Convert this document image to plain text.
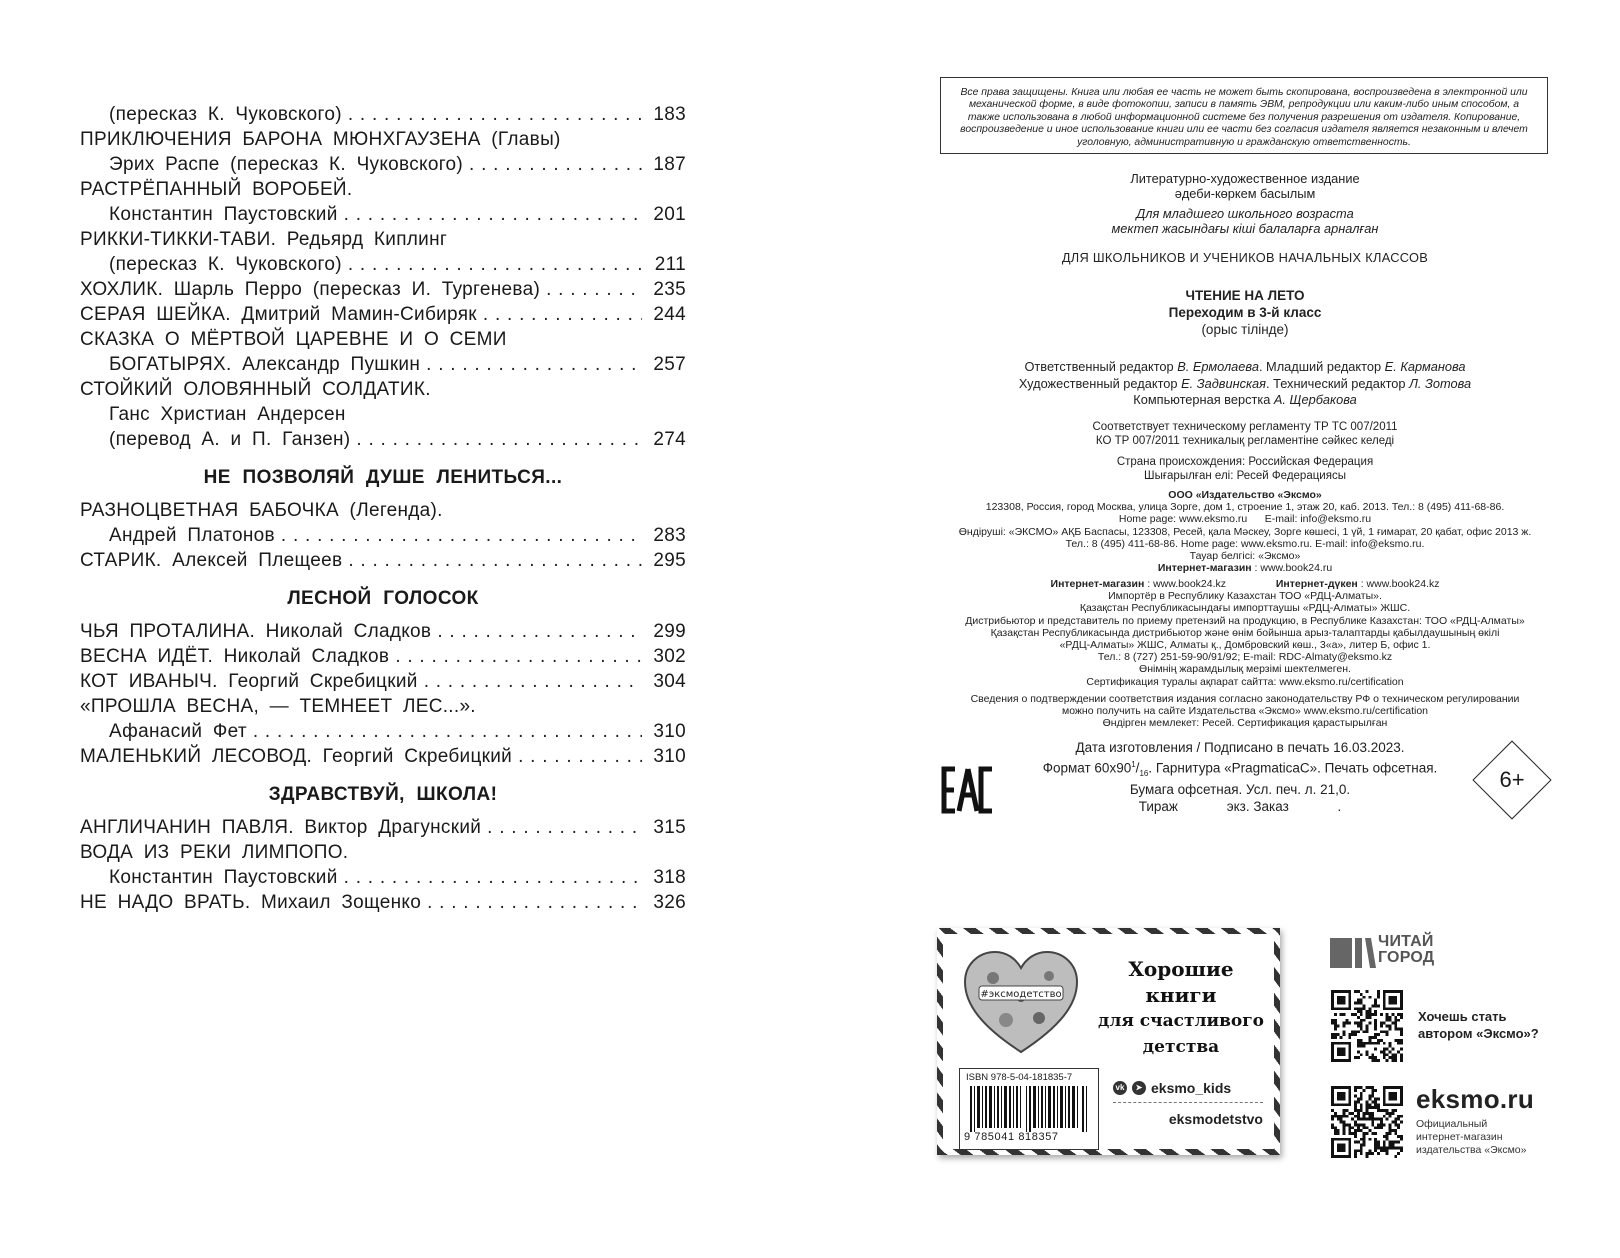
(пересказ К. Чуковского) . . .	183
ПРИКЛЮЧЕНИЯ БАРОНА МЮНХГАУЗЕНА (Главы)
Эрих Распе (пересказ К. Чуковского) . . .	187
РАСТРЁПАННЫЙ ВОРОБЕЙ.
Константин Паустовский . . .	201
РИККИ-ТИККИ-ТАВИ. Редьярд Киплинг
(пересказ К. Чуковского) . . .	211
ХОХЛИК. Шарль Перро (пересказ И. Тургенева) . . .	235
СЕРАЯ ШЕЙКА. Дмитрий Мамин-Сибиряк . . .	244
СКАЗКА О МЁРТВОЙ ЦАРЕВНЕ И О СЕМИ
БОГАТЫРЯХ. Александр Пушкин . . .	257
СТОЙКИЙ ОЛОВЯННЫЙ СОЛДАТИК.
Ганс Христиан Андерсен
(перевод А. и П. Ганзен) . . .	274
НЕ ПОЗВОЛЯЙ ДУШЕ ЛЕНИТЬСЯ...
РАЗНОЦВЕТНАЯ БАБОЧКА (Легенда).
Андрей Платонов . . .	283
СТАРИК. Алексей Плещеев . . .	295
ЛЕСНОЙ ГОЛОСОК
ЧЬЯ ПРОТАЛИНА. Николай Сладков . . .	299
ВЕСНА ИДЁТ. Николай Сладков . . .	302
КОТ ИВАНЫЧ. Георгий Скребицкий . . .	304
«ПРОШЛА ВЕСНА, — ТЕМНЕЕТ ЛЕС...».
Афанасий Фет . . .	310
МАЛЕНЬКИЙ ЛЕСОВОД. Георгий Скребицкий . . .	310
ЗДРАВСТВУЙ, ШКОЛА!
АНГЛИЧАНИН ПАВЛЯ. Виктор Драгунский . . .	315
ВОДА ИЗ РЕКИ ЛИМПОПО.
Константин Паустовский . . .	318
НЕ НАДО ВРАТЬ. Михаил Зощенко . . .	326
Все права защищены. Книга или любая ее часть не может быть скопирована, воспроизведена в электронной или механической форме, в виде фотокопии, записи в память ЭВМ, репродукции или каким-либо иным способом, а также использована в любой информационной системе без получения разрешения от издателя. Копирование, воспроизведение и иное использование книги или ее части без согласия издателя является незаконным и влечет уголовную, административную и гражданскую ответственность.
Литературно-художественное издание
әдеби-көркем басылым
Для младшего школьного возраста
мектеп жасындағы кіші балаларға арналған
ДЛЯ ШКОЛЬНИКОВ И УЧЕНИКОВ НАЧАЛЬНЫХ КЛАССОВ
ЧТЕНИЕ НА ЛЕТО
Переходим в 3-й класс
(орыс тілінде)
Ответственный редактор В. Ермолаева. Младший редактор Е. Карманова
Художественный редактор Е. Задвинская. Технический редактор Л. Зотова
Компьютерная верстка А. Щербакова
Соответствует техническому регламенту ТР ТС 007/2011
КО ТР 007/2011 техникалық регламентіне сәйкес келеді
Страна происхождения: Российская Федерация
Шығарылған елі: Ресей Федерациясы
ООО «Издательство «Эксмо»
123308, Россия, город Москва, улица Зорге, дом 1, строение 1, этаж 20, каб. 2013. Тел.: 8 (495) 411-68-86.
Home page: www.eksmo.ru      E-mail: info@eksmo.ru
Өндіруші: «ЭКСМО» АҚБ Баспасы, 123308, Ресей, қала Мәскеу, Зорге көшесі, 1 үй, 1 ғимарат, 20 қабат, офис 2013 ж.
Тел.: 8 (495) 411-68-86. Home page: www.eksmo.ru. E-mail: info@eksmo.ru.
Тауар белгісі: «Эксмо»
Интернет-магазин : www.book24.ru
Интернет-магазин : www.book24.kz	Интернет-дүкен : www.book24.kz
Импортёр в Республику Казахстан ТОО «РДЦ-Алматы».
Қазақстан Республикасындағы импорттаушы «РДЦ-Алматы» ЖШС.
Дистрибьютор и представитель по приему претензий на продукцию, в Республике Казахстан: ТОО «РДЦ-Алматы»
Қазақстан Республикасында дистрибьютор және өнім бойынша арыз-талаптарды қабылдаушының өкілі
«РДЦ-Алматы» ЖШС, Алматы қ., Домбровский көш., 3«а», литер Б, офис 1.
Тел.: 8 (727) 251-59-90/91/92; E-mail: RDC-Almaty@eksmo.kz
Өнімнің жарамдылық мерзімі шектелмеген.
Сертификация туралы ақпарат сайтта: www.eksmo.ru/certification
Сведения о подтверждении соответствия издания согласно законодательству РФ о техническом регулировании
можно получить на сайте Издательства «Эксмо» www.eksmo.ru/certification
Өндірген мемлекет: Ресей. Сертификация қарастырылған
Дата изготовления / Подписано в печать 16.03.2023.
Формат $60х90^1/_{16}$. Гарнитура «PragmaticaC». Печать офсетная.
Бумага офсетная. Усл. печ. л. 21,0.
Тираж             экз. Заказ             .
6+
#эксмодетство
Хорошие
книги
для счастливого
детства
ISBN 978-5-04-181835-7
9 785041 818357
vk	➤ eksmo_kids
eksmodetstvo
ЧИТАЙ
ГОРОД
Хочешь стать
автором «Эксмо»?
eksmo.ru
Официальный
интернет-магазин
издательства «Эксмо»
